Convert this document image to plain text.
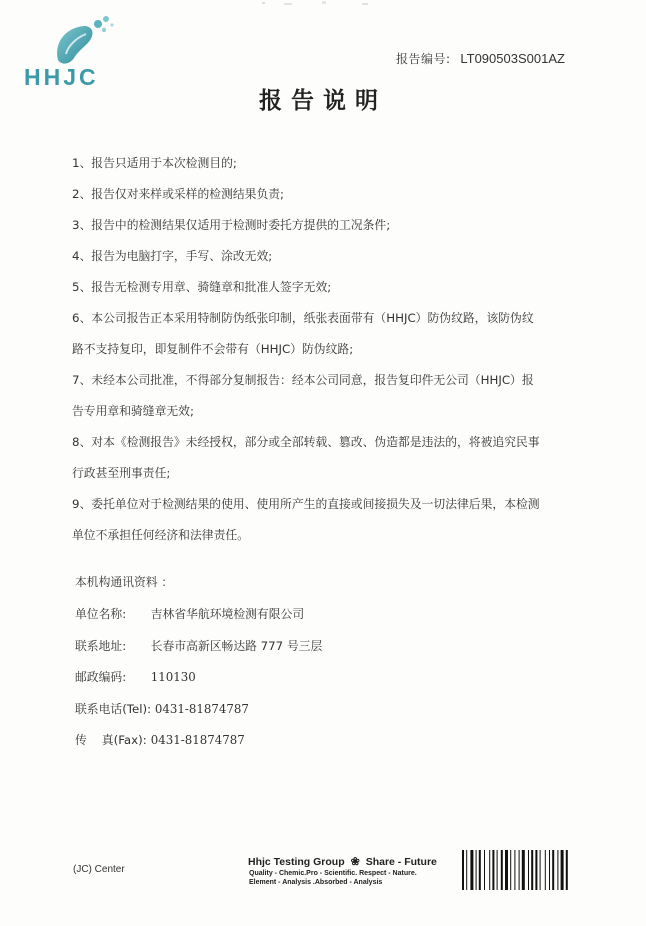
HHJC
报告编号: LT090503S001AZ
报告说明
1、报告只适用于本次检测目的;
2、报告仅对来样或采样的检测结果负责;
3、报告中的检测结果仅适用于检测时委托方提供的工况条件;
4、报告为电脑打字，手写、涂改无效;
5、报告无检测专用章、骑缝章和批准人签字无效;
6、本公司报告正本采用特制防伪纸张印制，纸张表面带有（HHJC）防伪纹路，该防伪纹
路不支持复印，即复制件不会带有（HHJC）防伪纹路;
7、未经本公司批准，不得部分复制报告：经本公司同意，报告复印件无公司（HHJC）报
告专用章和骑缝章无效;
8、对本《检测报告》未经授权，部分或全部转载、篡改、伪造都是违法的，将被追究民事
行政甚至刑事责任;
9、委托单位对于检测结果的使用、使用所产生的直接或间接损失及一切法律后果，本检测
单位不承担任何经济和法律责任。
本机构通讯资料 ：
单位名称: 吉林省华航环境检测有限公司
联系地址: 长春市高新区畅达路 777 号三层
邮政编码: 110130
联系电话(Tel): 0431-81874787
传    真(Fax): 0431-81874787
(JC) Center
Hhjc Testing Group ❀ Share - Future
Quality - Chemic.Pro - Scientific. Respect - Nature.
Element - Analysis .Absorbed - Analysis
